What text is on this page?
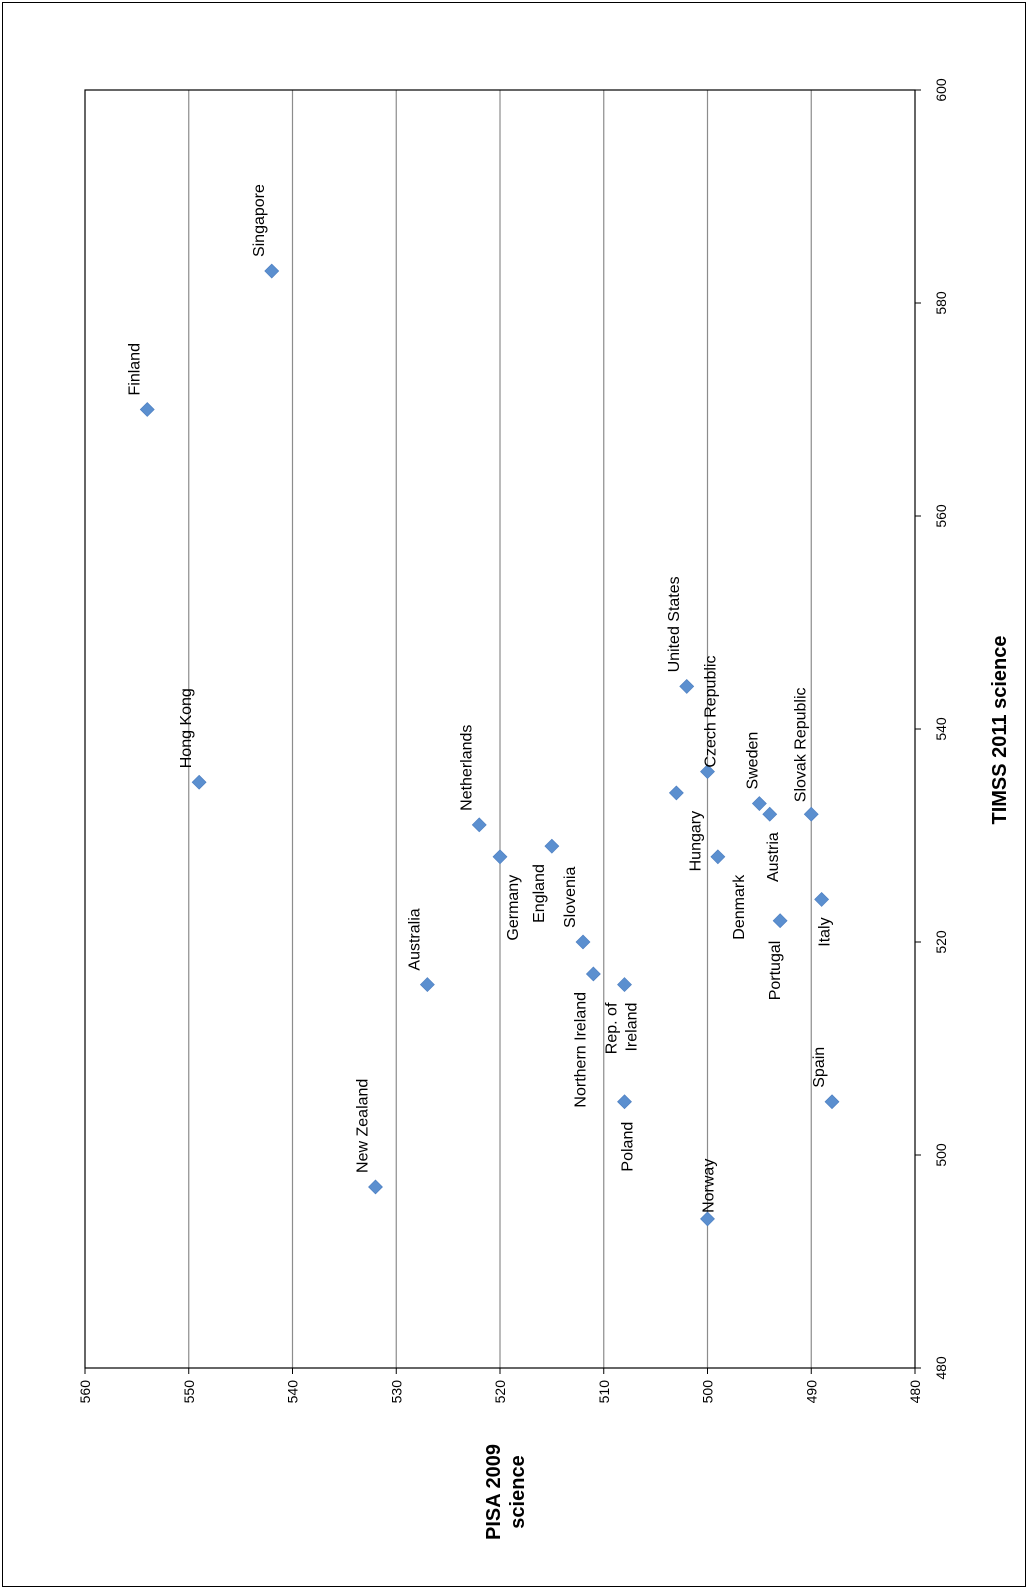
480
490
500
510
520
530
540
550
560
480
500
520
540
560
580
600
Finland
Singapore
Hong Kong	Netherlands
Australia
New Zealand
Germany England Slovenia
Northern Ireland Rep. of Ireland
Poland
United States
Czech Republic
Hungary
Denmark
Sweden
Austria
Slovak Republic
Portugal
Italy
Spain
Norway
TIMSS 2011 science
PISA 2009 science
